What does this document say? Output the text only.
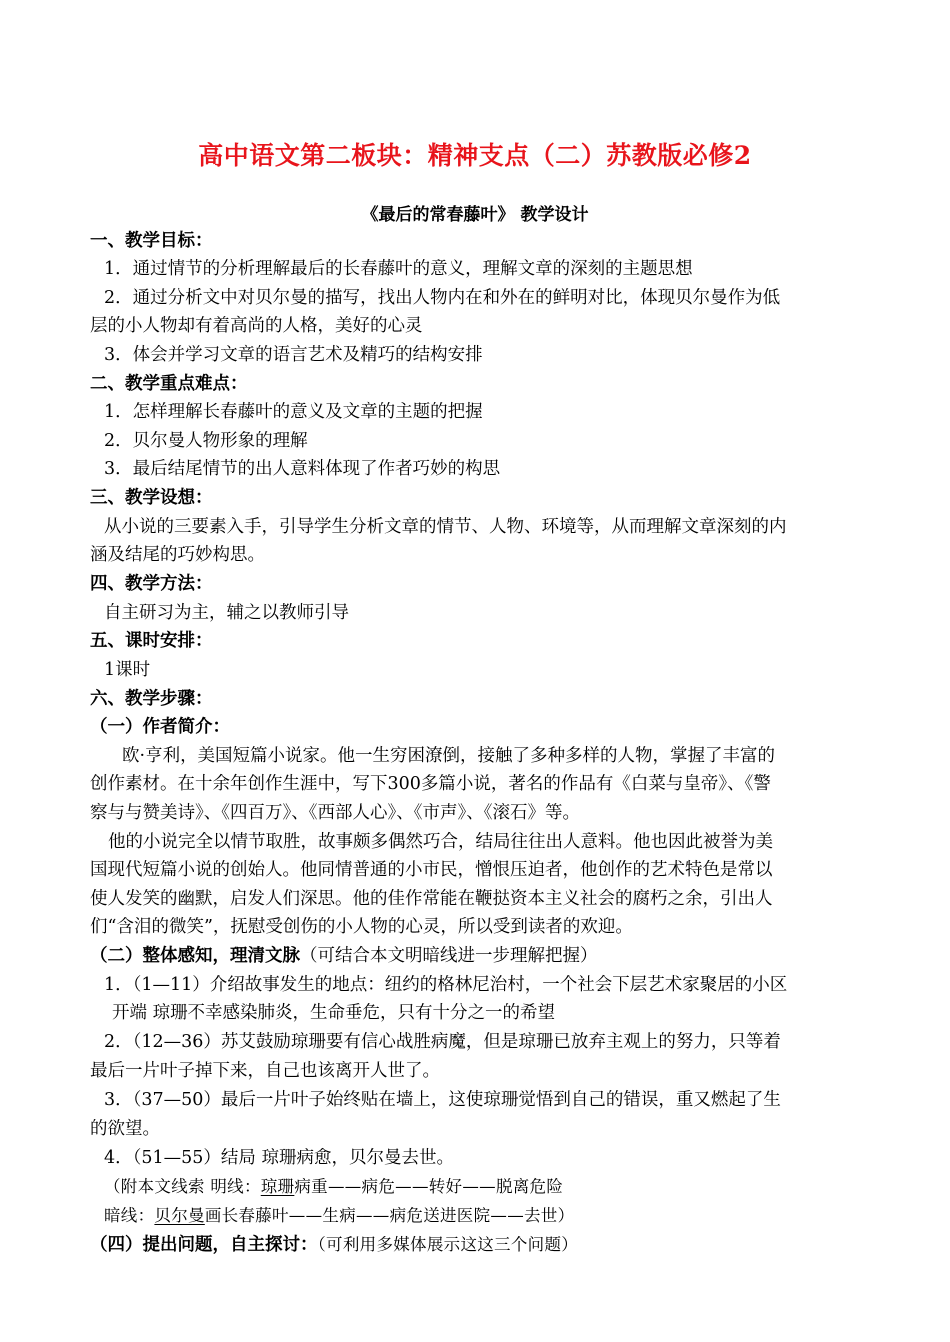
高中语文第二板块：精神支点（二）苏教版必修2
《最后的常春藤叶》 教学设计
一、教学目标：
1．通过情节的分析理解最后的长春藤叶的意义，理解文章的深刻的主题思想
2．通过分析文中对贝尔曼的描写，找出人物内在和外在的鲜明对比，体现贝尔曼作为低
层的小人物却有着高尚的人格，美好的心灵
3．体会并学习文章的语言艺术及精巧的结构安排
二、教学重点难点：
1．怎样理解长春藤叶的意义及文章的主题的把握
2．贝尔曼人物形象的理解
3．最后结尾情节的出人意料体现了作者巧妙的构思
三、教学设想：
从小说的三要素入手，引导学生分析文章的情节、人物、环境等，从而理解文章深刻的内
涵及结尾的巧妙构思。
四、教学方法：
自主研习为主，辅之以教师引导
五、课时安排：
1课时
六、教学步骤：
（一）作者简介：
欧·亨利，美国短篇小说家。他一生穷困潦倒，接触了多种多样的人物，掌握了丰富的
创作素材。在十余年创作生涯中，写下300多篇小说，著名的作品有《白菜与皇帝》、《警
察与与赞美诗》、《四百万》、《西部人心》、《市声》、《滚石》等。
他的小说完全以情节取胜，故事颇多偶然巧合，结局往往出人意料。他也因此被誉为美
国现代短篇小说的创始人。他同情普通的小市民，憎恨压迫者，他创作的艺术特色是常以
使人发笑的幽默，启发人们深思。他的佳作常能在鞭挞资本主义社会的腐朽之余，引出人
们“含泪的微笑”，抚慰受创伤的小人物的心灵，所以受到读者的欢迎。
（二）整体感知，理清文脉（可结合本文明暗线进一步理解把握）
1．（1—11）介绍故事发生的地点：纽约的格林尼治村，一个社会下层艺术家聚居的小区
开端 琼珊不幸感染肺炎，生命垂危，只有十分之一的希望
2．（12—36）苏艾鼓励琼珊要有信心战胜病魔，但是琼珊已放弃主观上的努力，只等着
最后一片叶子掉下来，自己也该离开人世了。
3．（37—50）最后一片叶子始终贴在墙上，这使琼珊觉悟到自己的错误，重又燃起了生
的欲望。
4．（51—55）结局 琼珊病愈，贝尔曼去世。
（附本文线索 明线：琼珊病重——病危——转好——脱离危险
暗线：贝尔曼画长春藤叶——生病——病危送进医院——去世）
（四）提出问题，自主探讨：（可利用多媒体展示这这三个问题）
